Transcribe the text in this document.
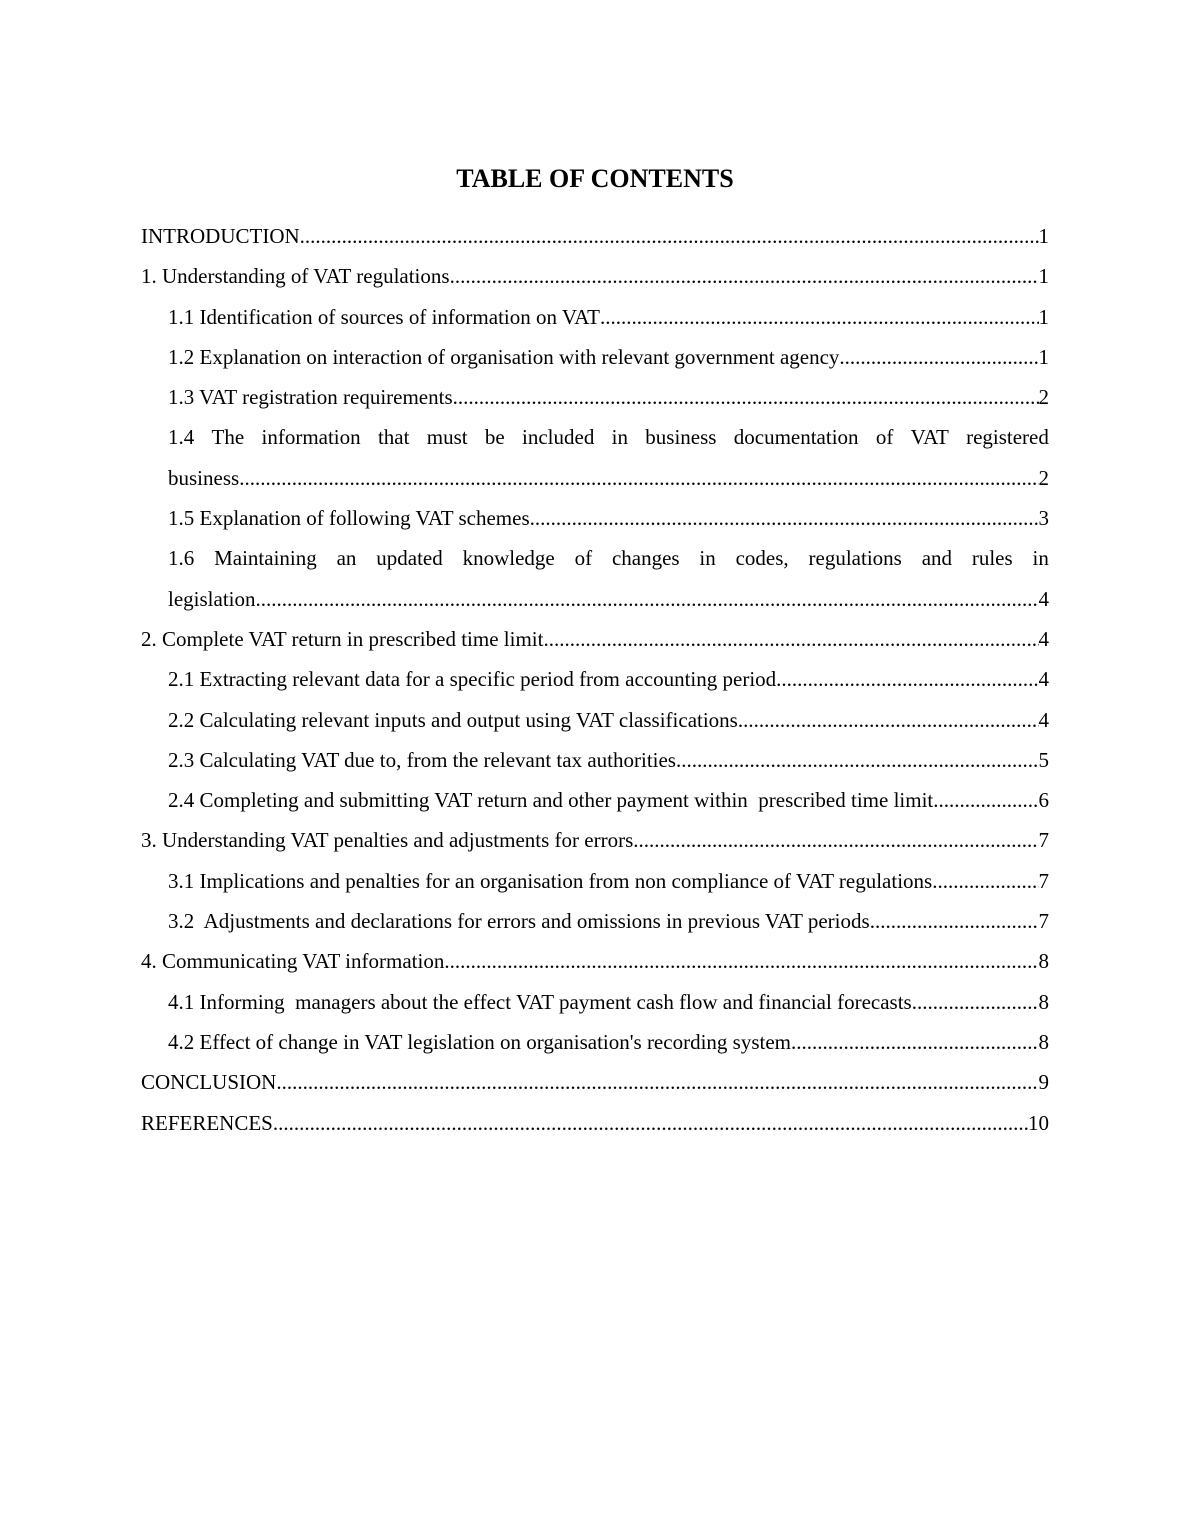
TABLE OF CONTENTS
INTRODUCTION .....	1
1. Understanding of VAT regulations .....	1
1.1 Identification of sources of information on VAT .....	1
1.2 Explanation on interaction of organisation with relevant government agency .....	1
1.3 VAT registration requirements .....	2
1.4 The information that must be included in business documentation of VAT registered
business .....	2
1.5 Explanation of following VAT schemes .....	3
1.6 Maintaining an updated knowledge of changes in codes, regulations and rules in
legislation .....	4
2. Complete VAT return in prescribed time limit .....	4
2.1 Extracting relevant data for a specific period from accounting period .....	4
2.2 Calculating relevant inputs and output using VAT classifications .....	4
2.3 Calculating VAT due to, from the relevant tax authorities .....	5
2.4 Completing and submitting VAT return and other payment within  prescribed time limit .....	6
3. Understanding VAT penalties and adjustments for errors .....	7
3.1 Implications and penalties for an organisation from non compliance of VAT regulations .....	7
3.2  Adjustments and declarations for errors and omissions in previous VAT periods .....	7
4. Communicating VAT information .....	8
4.1 Informing  managers about the effect VAT payment cash flow and financial forecasts .....	8
4.2 Effect of change in VAT legislation on organisation's recording system .....	8
CONCLUSION .....	9
REFERENCES .....	10
